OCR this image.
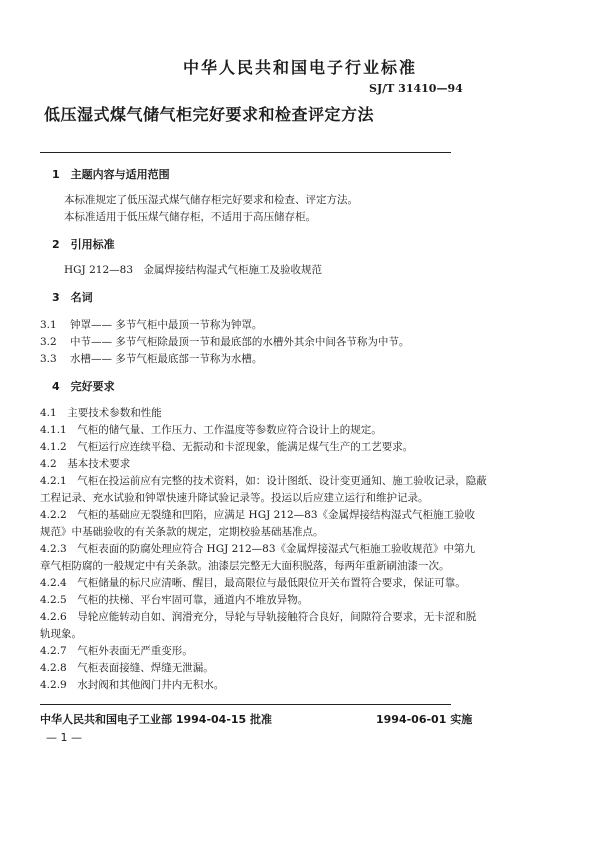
中华人民共和国电子行业标准
SJ/T 31410—94
低压湿式煤气储气柜完好要求和检查评定方法
1　主题内容与适用范围
本标准规定了低压湿式煤气储存柜完好要求和检查、评定方法。
本标准适用于低压煤气储存柜，不适用于高压储存柜。
2　引用标准
HGJ 212—83　金属焊接结构湿式气柜施工及验收规范
3　名词
3.1 钟罩—— 多节气柜中最顶一节称为钟罩。
3.2 中节—— 多节气柜除最顶一节和最底部的水槽外其余中间各节称为中节。
3.3 水槽—— 多节气柜最底部一节称为水槽。
4　完好要求
4.1　主要技术参数和性能
4.1.1　气柜的储气量、工作压力、工作温度等参数应符合设计上的规定。
4.1.2　气柜运行应连续平稳、无振动和卡涩现象，能满足煤气生产的工艺要求。
4.2　基本技术要求
4.2.1　气柜在投运前应有完整的技术资料，如：设计图纸、设计变更通知、施工验收记录，隐蔽
工程记录、充水试验和钟罩快速升降试验记录等。投运以后应建立运行和维护记录。
4.2.2　气柜的基础应无裂缝和凹陷，应满足 HGJ 212—83《金属焊接结构湿式气柜施工验收
规范》中基础验收的有关条款的规定，定期校验基础基准点。
4.2.3　气柜表面的防腐处理应符合 HGJ 212—83《金属焊接湿式气柜施工验收规范》中第九
章气柜防腐的一般规定中有关条款。油漆层完整无大面积脱落，每两年重新刷油漆一次。
4.2.4　气柜储量的标尺应清晰、醒目，最高限位与最低限位开关布置符合要求，保证可靠。
4.2.5　气柜的扶梯、平台牢固可靠，通道内不堆放异物。
4.2.6　导轮应能转动自如、润滑充分，导轮与导轨接触符合良好，间隙符合要求，无卡涩和脱
轨现象。
4.2.7　气柜外表面无严重变形。
4.2.8　气柜表面接缝、焊缝无泄漏。
4.2.9　水封阀和其他阀门井内无积水。
中华人民共和国电子工业部 1994-04-15 批准	1994-06-01 实施
— 1 —
